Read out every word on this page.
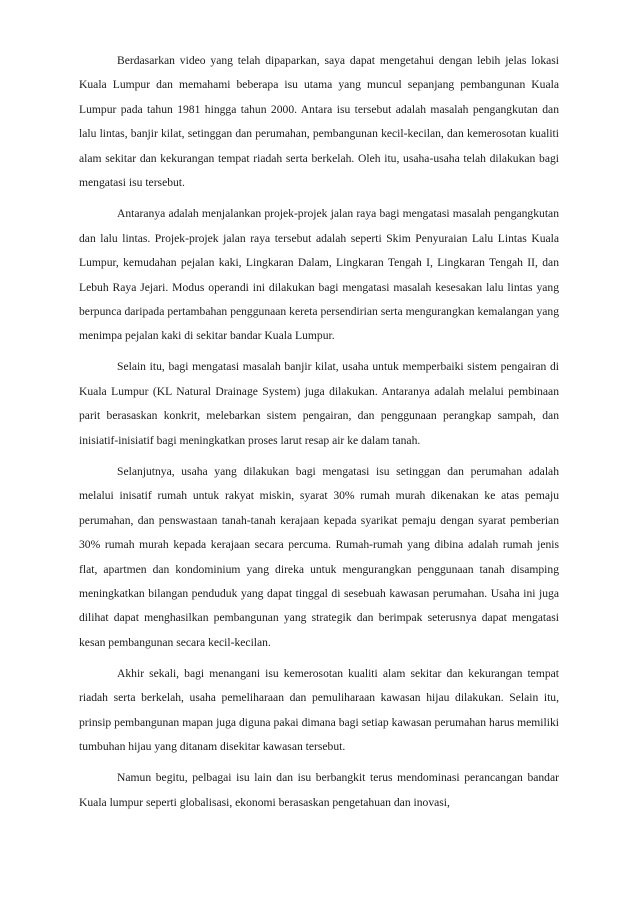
Berdasarkan video yang telah dipaparkan, saya dapat mengetahui dengan lebih jelas lokasi Kuala Lumpur dan memahami beberapa isu utama yang muncul sepanjang pembangunan Kuala Lumpur pada tahun 1981 hingga tahun 2000. Antara isu tersebut adalah masalah pengangkutan dan lalu lintas, banjir kilat, setinggan dan perumahan, pembangunan kecil-kecilan, dan kemerosotan kualiti alam sekitar dan kekurangan tempat riadah serta berkelah. Oleh itu, usaha-usaha telah dilakukan bagi mengatasi isu tersebut.

Antaranya adalah menjalankan projek-projek jalan raya bagi mengatasi masalah pengangkutan dan lalu lintas. Projek-projek jalan raya tersebut adalah seperti Skim Penyuraian Lalu Lintas Kuala Lumpur, kemudahan pejalan kaki, Lingkaran Dalam, Lingkaran Tengah I, Lingkaran Tengah II, dan Lebuh Raya Jejari. Modus operandi ini dilakukan bagi mengatasi masalah kesesakan lalu lintas yang berpunca daripada pertambahan penggunaan kereta persendirian serta mengurangkan kemalangan yang menimpa pejalan kaki di sekitar bandar Kuala Lumpur.

Selain itu, bagi mengatasi masalah banjir kilat, usaha untuk memperbaiki sistem pengairan di Kuala Lumpur (KL Natural Drainage System) juga dilakukan. Antaranya adalah melalui pembinaan parit berasaskan konkrit, melebarkan sistem pengairan, dan penggunaan perangkap sampah, dan inisiatif-inisiatif bagi meningkatkan proses larut resap air ke dalam tanah.

Selanjutnya, usaha yang dilakukan bagi mengatasi isu setinggan dan perumahan adalah melalui inisatif rumah untuk rakyat miskin, syarat 30% rumah murah dikenakan ke atas pemaju perumahan, dan penswastaan tanah-tanah kerajaan kepada syarikat pemaju dengan syarat pemberian 30% rumah murah kepada kerajaan secara percuma. Rumah-rumah yang dibina adalah rumah jenis flat, apartmen dan kondominium yang direka untuk mengurangkan penggunaan tanah disamping meningkatkan bilangan penduduk yang dapat tinggal di sesebuah kawasan perumahan. Usaha ini juga dilihat dapat menghasilkan pembangunan yang strategik dan berimpak seterusnya dapat mengatasi kesan pembangunan secara kecil-kecilan.

Akhir sekali, bagi menangani isu kemerosotan kualiti alam sekitar dan kekurangan tempat riadah serta berkelah, usaha pemeliharaan dan pemuliharaan kawasan hijau dilakukan. Selain itu, prinsip pembangunan mapan juga diguna pakai dimana bagi setiap kawasan perumahan harus memiliki tumbuhan hijau yang ditanam disekitar kawasan tersebut.

Namun begitu, pelbagai isu lain dan isu berbangkit terus mendominasi perancangan bandar Kuala lumpur seperti globalisasi, ekonomi berasaskan pengetahuan dan inovasi,
